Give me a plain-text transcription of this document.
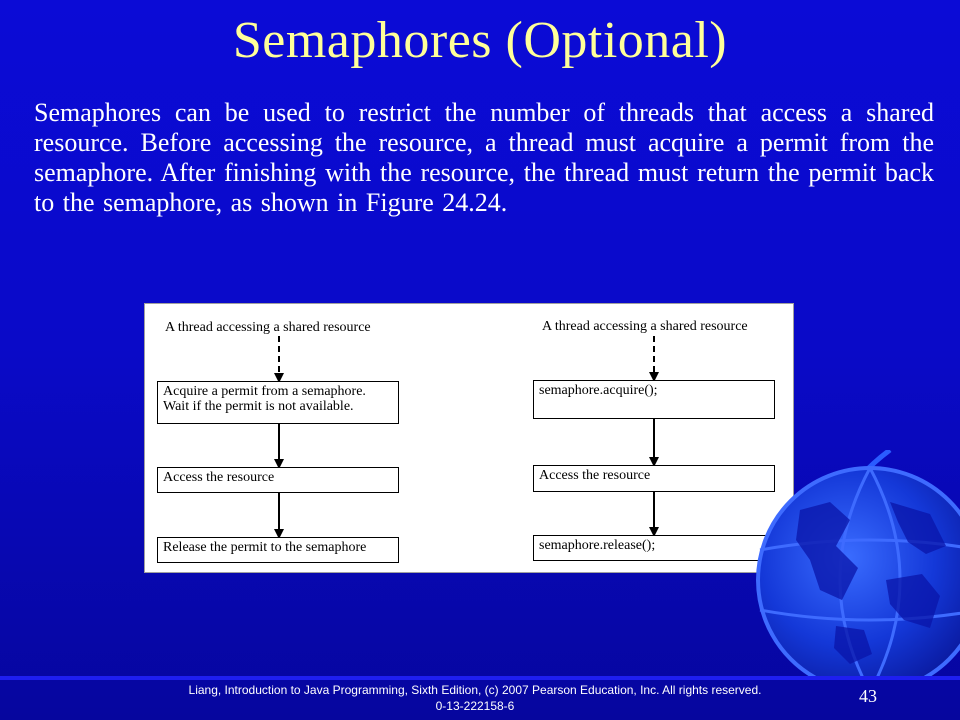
Semaphores (Optional)
Semaphores can be used to restrict the number of threads that access a shared resource. Before accessing the resource, a thread must acquire a permit from the semaphore. After finishing with the resource, the thread must return the permit back to the semaphore, as shown in Figure 24.24.
A thread accessing a shared resource
Acquire a permit from a semaphore.
Wait if the permit is not available.
Access the resource
Release the permit to the semaphore
A thread accessing a shared resource
semaphore.acquire();
Access the resource
semaphore.release();
Liang, Introduction to Java Programming, Sixth Edition, (c) 2007 Pearson Education, Inc. All rights reserved. 0-13-222158-6	43
